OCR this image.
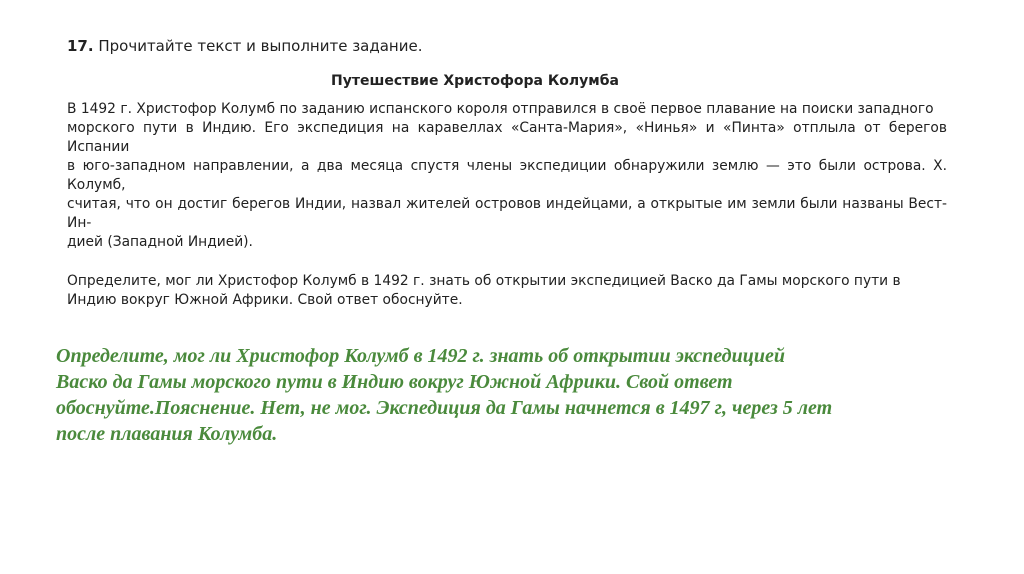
17. Прочитайте текст и выполните задание.

Путешествие Христофора Колумба

В 1492 г. Христофор Колумб по заданию испанского короля отправился в своё первое плавание на поиски западного
морского пути в Индию. Его экспедиция на каравеллах «Санта-Мария», «Нинья» и «Пинта» отплыла от берегов Испании
в юго-западном направлении, а два месяца спустя члены экспедиции обнаружили землю — это были острова. Х. Колумб,
считая, что он достиг берегов Индии, назвал жителей островов индейцами, а открытые им земли были названы Вест-Ин-
дией (Западной Индией).

Определите, мог ли Христофор Колумб в 1492 г. знать об открытии экспедицией Васко да Гамы морского пути в
Индию вокруг Южной Африки. Свой ответ обоснуйте.

Определите, мог ли Христофор Колумб в 1492 г. знать об открытии экспедицией
Васко да Гамы морского пути в Индию вокруг Южной Африки. Свой ответ
обоснуйте.Пояснение. Нет, не мог. Экспедиция да Гамы начнется в 1497 г, через 5 лет
после плавания Колумба.
